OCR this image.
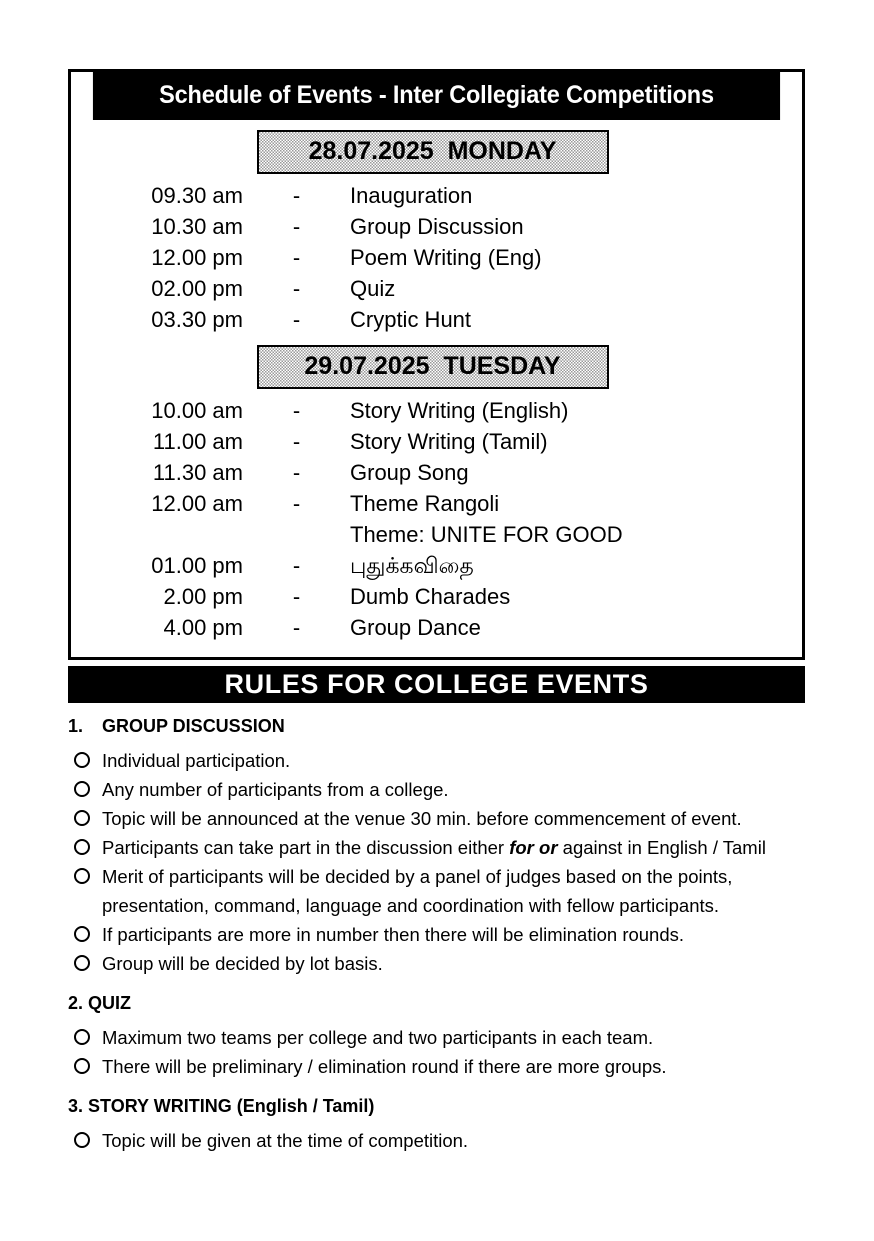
Schedule of Events - Inter Collegiate Competitions
28.07.2025  MONDAY
09.30 am	-	Inauguration
10.30 am	-	Group Discussion
12.00 pm	-	Poem Writing (Eng)
02.00 pm	-	Quiz
03.30 pm	-	Cryptic Hunt
29.07.2025  TUESDAY
10.00 am	-	Story Writing (English)
11.00 am	-	Story Writing (Tamil)
11.30 am	-	Group Song
12.00 am	-	Theme Rangoli
Theme: UNITE FOR GOOD
01.00 pm	-	புதுக்கவிதை
2.00 pm	-	Dumb Charades
4.00 pm	-	Group Dance
RULES FOR COLLEGE EVENTS
1. GROUP DISCUSSION
Individual participation.
Any number of participants from a college.
Topic will be announced at the venue 30 min. before commencement of event.
Participants can take part in the discussion either for or against in English / Tamil
Merit of participants will be decided by a panel of judges based on the points, presentation, command, language and coordination with fellow participants.
If participants are more in number then there will be elimination rounds.
Group will be decided by lot basis.
2. QUIZ
Maximum two teams per college and two participants in each team.
There will be preliminary / elimination round if there are more groups.
3. STORY WRITING (English / Tamil)
Topic will be given at the time of competition.
